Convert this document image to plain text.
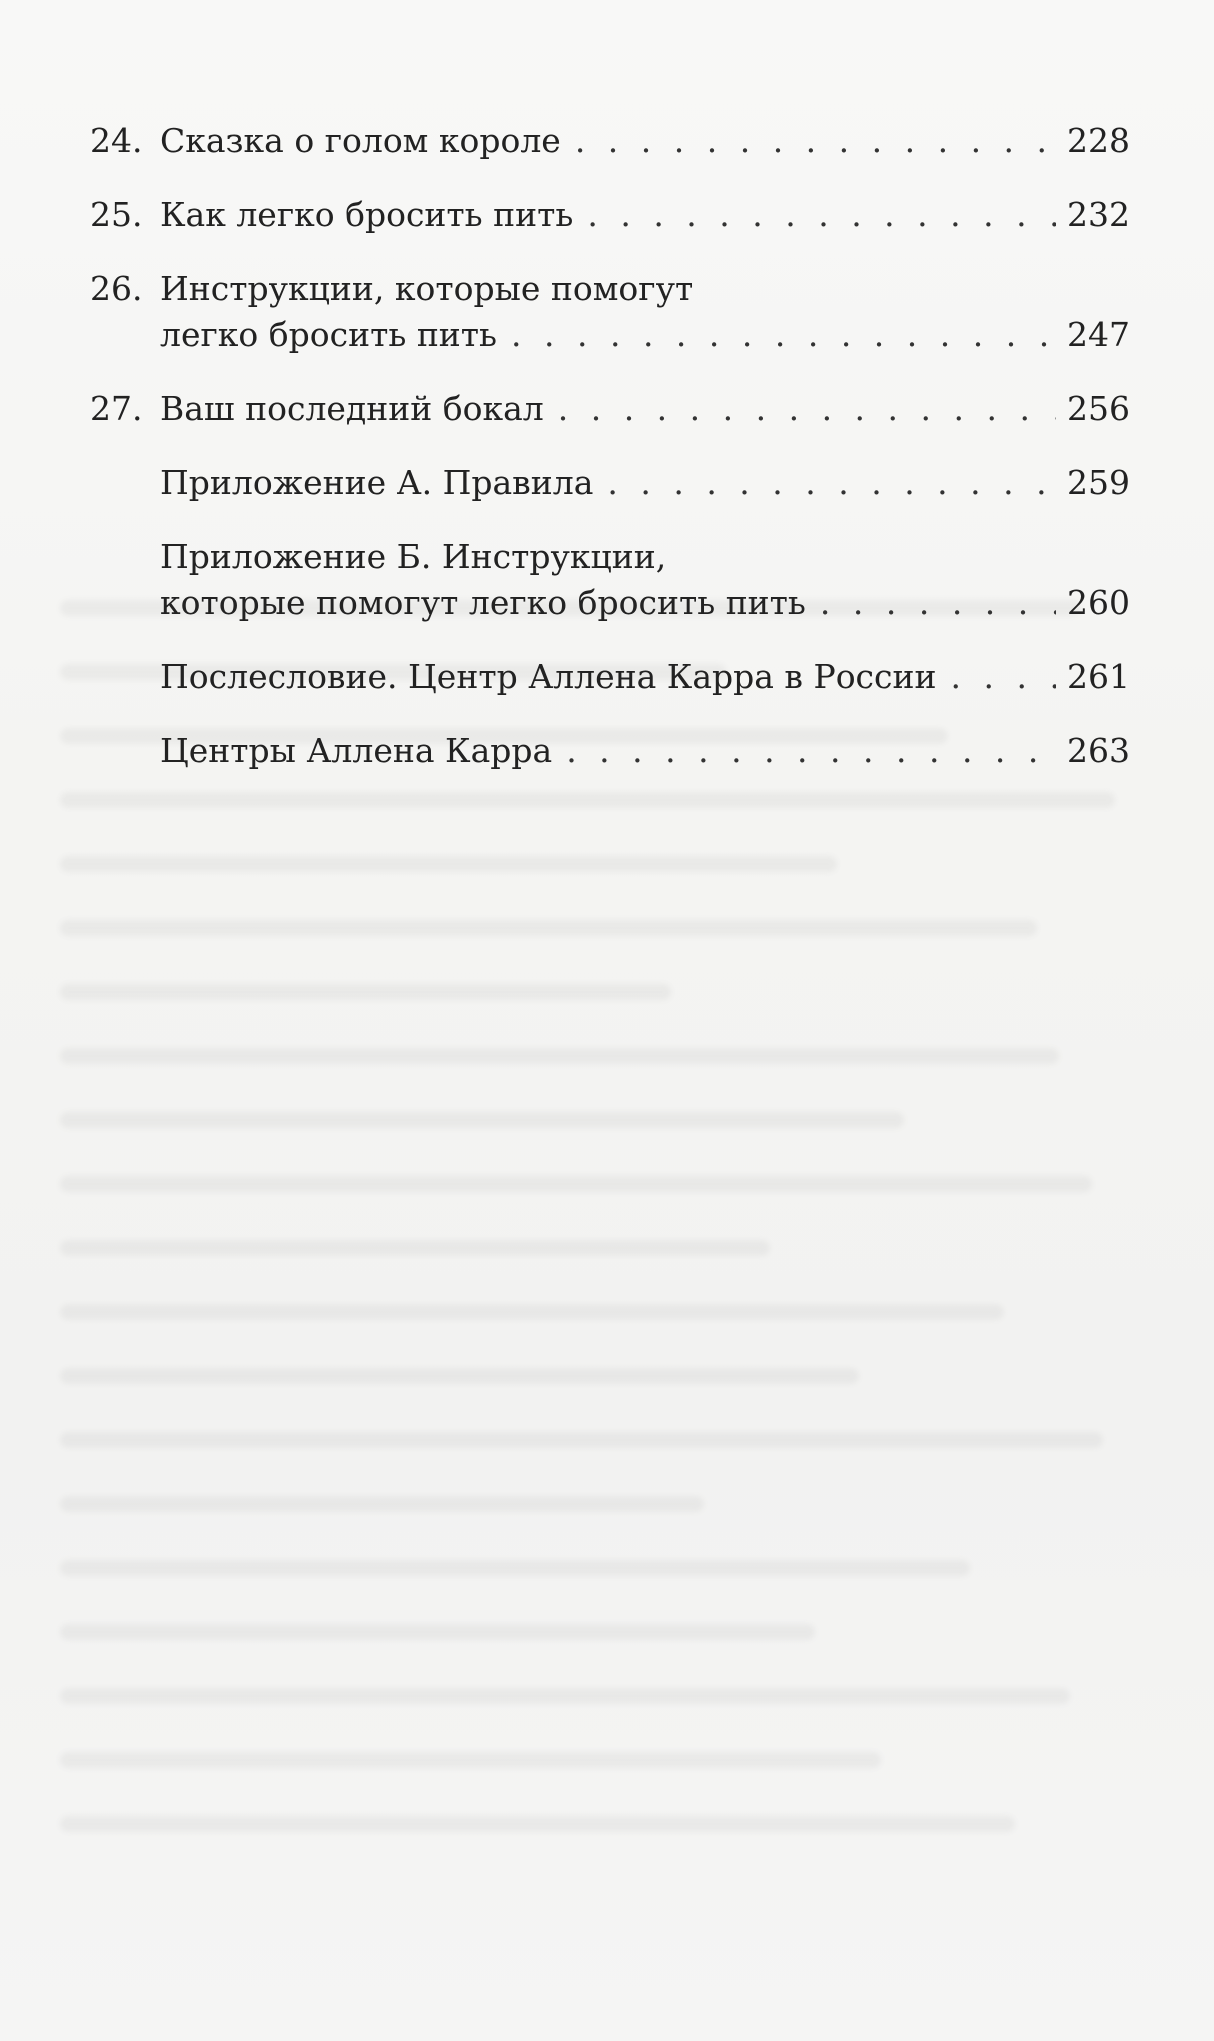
24. Сказка о голом короле . . .	228
25. Как легко бросить пить . . .	232
26. Инструкции, которые помогут
легко бросить пить . . .	247
27. Ваш последний бокал . . .	256
Приложение А. Правила . . .	259
Приложение Б. Инструкции,
которые помогут легко бросить пить . . .	260
Послесловие. Центр Аллена Карра в России . . .	261
Центры Аллена Карра . . .	263
